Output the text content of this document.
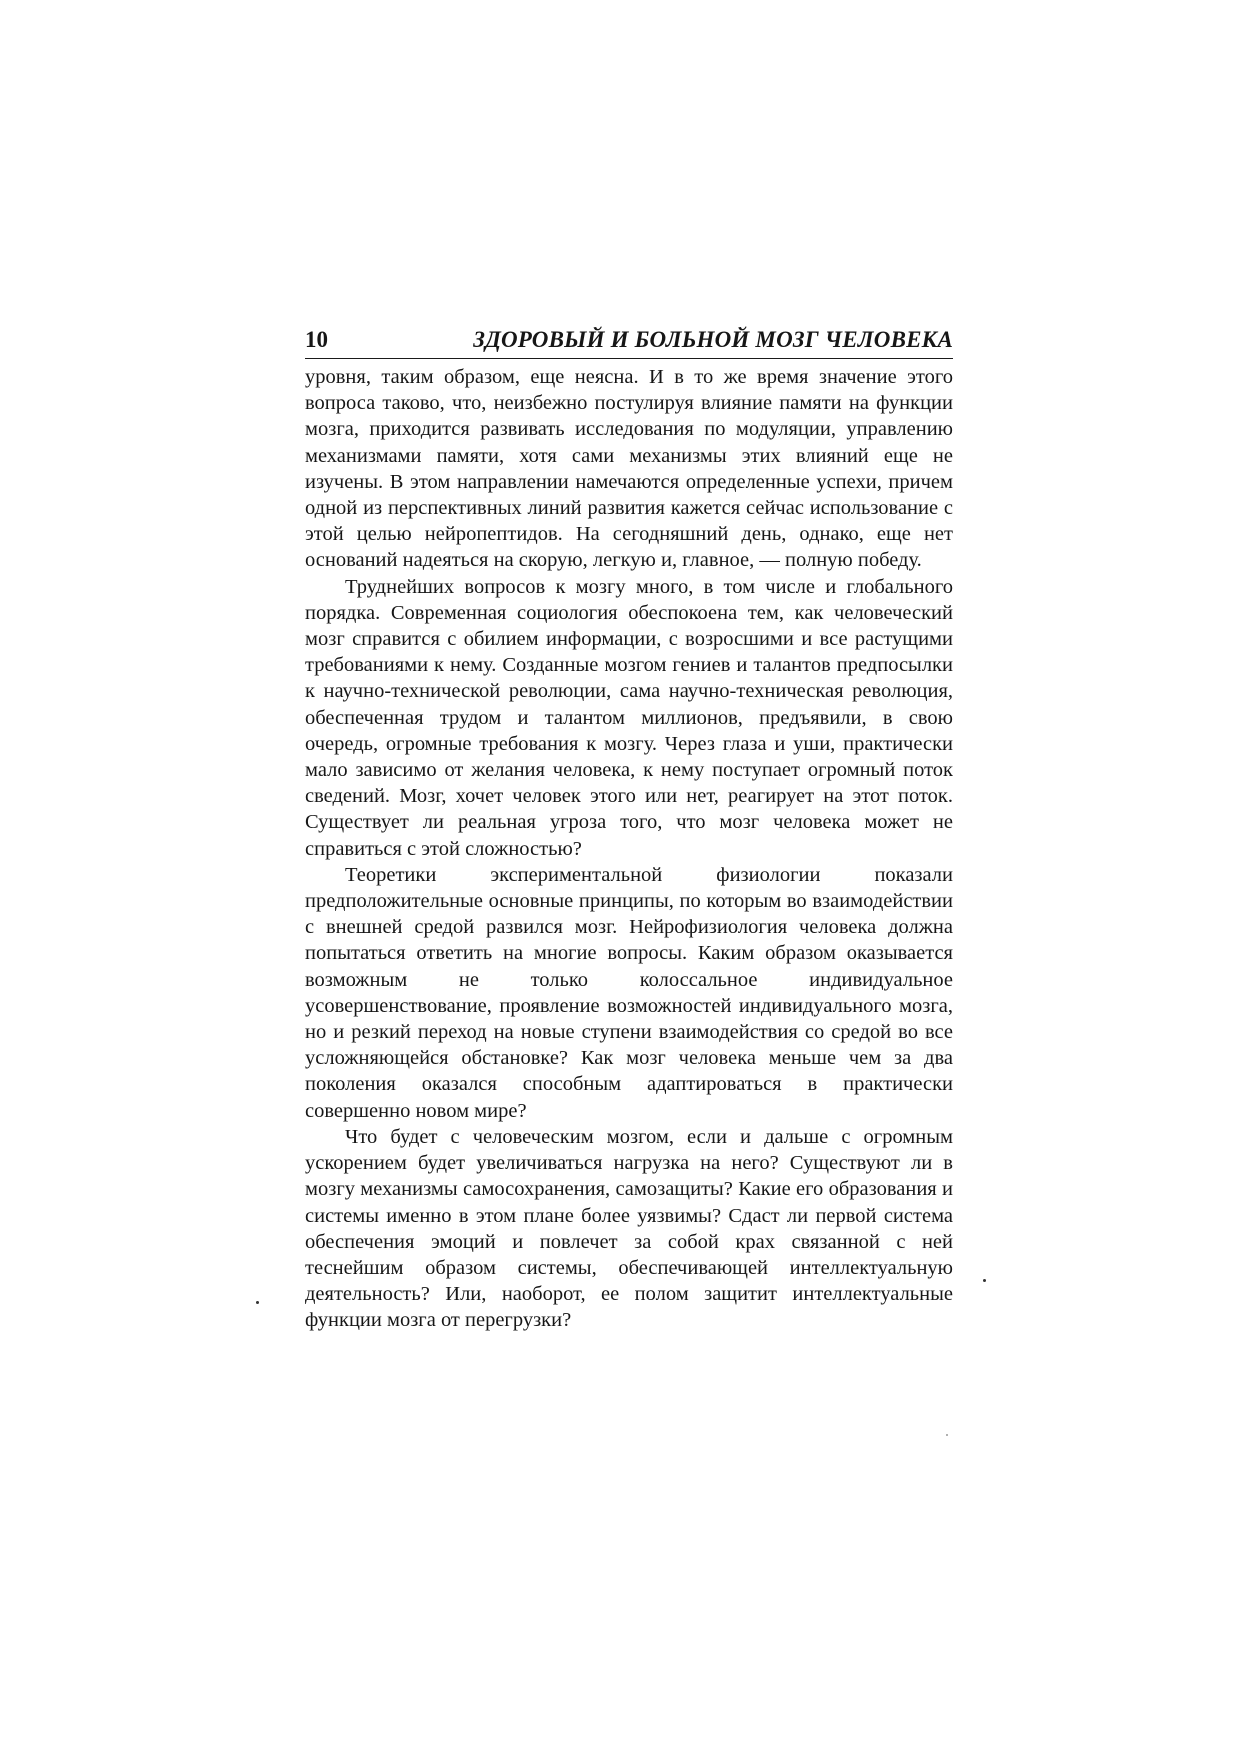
10	ЗДОРОВЫЙ И БОЛЬНОЙ МОЗГ ЧЕЛОВЕКА

уровня, таким образом, еще неясна. И в то же время значение этого вопроса таково, что, неизбежно постулируя влияние памяти на функции мозга, приходится развивать исследования по модуляции, управлению механизмами памяти, хотя сами механизмы этих влияний еще не изучены. В этом направлении намечаются определенные успехи, причем одной из перспективных линий развития кажется сейчас использование с этой целью нейропептидов. На сегодняшний день, однако, еще нет оснований надеяться на скорую, легкую и, главное, — полную победу.

Труднейших вопросов к мозгу много, в том числе и глобального порядка. Современная социология обеспокоена тем, как человеческий мозг справится с обилием информации, с возросшими и все растущими требованиями к нему. Созданные мозгом гениев и талантов предпосылки к научно-технической революции, сама научно-техническая революция, обеспеченная трудом и талантом миллионов, предъявили, в свою очередь, огромные требования к мозгу. Через глаза и уши, практически мало зависимо от желания человека, к нему поступает огромный поток сведений. Мозг, хочет человек этого или нет, реагирует на этот поток. Существует ли реальная угроза того, что мозг человека может не справиться с этой сложностью?

Теоретики экспериментальной физиологии показали предположительные основные принципы, по которым во взаимодействии с внешней средой развился мозг. Нейрофизиология человека должна попытаться ответить на многие вопросы. Каким образом оказывается возможным не только колоссальное индивидуальное усовершенствование, проявление возможностей индивидуального мозга, но и резкий переход на новые ступени взаимодействия со средой во все усложняющейся обстановке? Как мозг человека меньше чем за два поколения оказался способным адаптироваться в практически совершенно новом мире?

Что будет с человеческим мозгом, если и дальше с огромным ускорением будет увеличиваться нагрузка на него? Существуют ли в мозгу механизмы самосохранения, самозащиты? Какие его образования и системы именно в этом плане более уязвимы? Сдаст ли первой система обеспечения эмоций и повлечет за собой крах связанной с ней теснейшим образом системы, обеспечивающей интеллектуальную деятельность? Или, наоборот, ее полом защитит интеллектуальные функции мозга от перегрузки?
